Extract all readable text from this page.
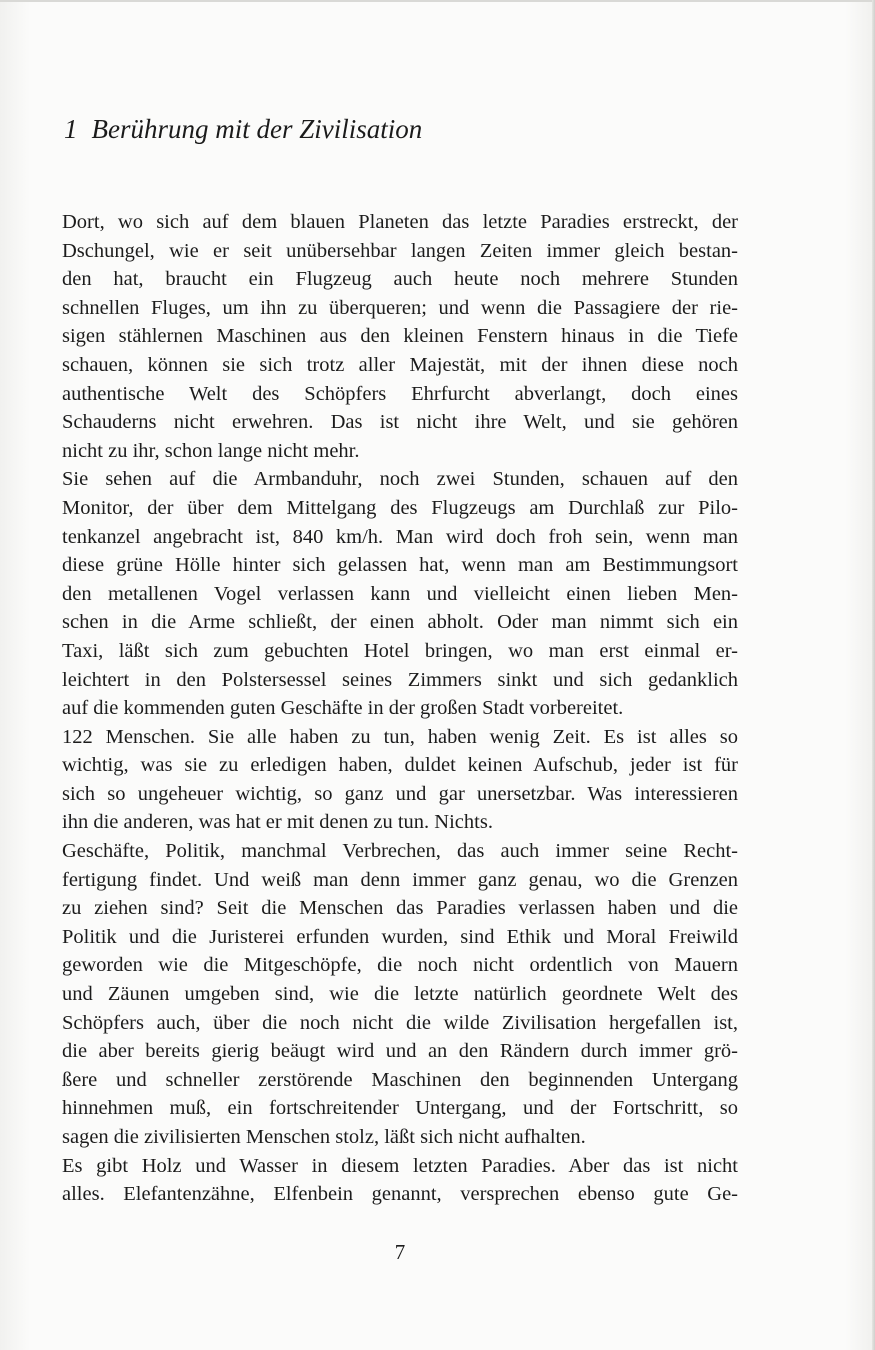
1 Berührung mit der Zivilisation
Dort, wo sich auf dem blauen Planeten das letzte Paradies erstreckt, der
Dschungel, wie er seit unübersehbar langen Zeiten immer gleich bestan-
den hat, braucht ein Flugzeug auch heute noch mehrere Stunden
schnellen Fluges, um ihn zu überqueren; und wenn die Passagiere der rie-
sigen stählernen Maschinen aus den kleinen Fenstern hinaus in die Tiefe
schauen, können sie sich trotz aller Majestät, mit der ihnen diese noch
authentische Welt des Schöpfers Ehrfurcht abverlangt, doch eines
Schauderns nicht erwehren. Das ist nicht ihre Welt, und sie gehören
nicht zu ihr, schon lange nicht mehr.
Sie sehen auf die Armbanduhr, noch zwei Stunden, schauen auf den
Monitor, der über dem Mittelgang des Flugzeugs am Durchlaß zur Pilo-
tenkanzel angebracht ist, 840 km/h. Man wird doch froh sein, wenn man
diese grüne Hölle hinter sich gelassen hat, wenn man am Bestimmungsort
den metallenen Vogel verlassen kann und vielleicht einen lieben Men-
schen in die Arme schließt, der einen abholt. Oder man nimmt sich ein
Taxi, läßt sich zum gebuchten Hotel bringen, wo man erst einmal er-
leichtert in den Polstersessel seines Zimmers sinkt und sich gedanklich
auf die kommenden guten Geschäfte in der großen Stadt vorbereitet.
122 Menschen. Sie alle haben zu tun, haben wenig Zeit. Es ist alles so
wichtig, was sie zu erledigen haben, duldet keinen Aufschub, jeder ist für
sich so ungeheuer wichtig, so ganz und gar unersetzbar. Was interessieren
ihn die anderen, was hat er mit denen zu tun. Nichts.
Geschäfte, Politik, manchmal Verbrechen, das auch immer seine Recht-
fertigung findet. Und weiß man denn immer ganz genau, wo die Grenzen
zu ziehen sind? Seit die Menschen das Paradies verlassen haben und die
Politik und die Juristerei erfunden wurden, sind Ethik und Moral Freiwild
geworden wie die Mitgeschöpfe, die noch nicht ordentlich von Mauern
und Zäunen umgeben sind, wie die letzte natürlich geordnete Welt des
Schöpfers auch, über die noch nicht die wilde Zivilisation hergefallen ist,
die aber bereits gierig beäugt wird und an den Rändern durch immer grö-
ßere und schneller zerstörende Maschinen den beginnenden Untergang
hinnehmen muß, ein fortschreitender Untergang, und der Fortschritt, so
sagen die zivilisierten Menschen stolz, läßt sich nicht aufhalten.
Es gibt Holz und Wasser in diesem letzten Paradies. Aber das ist nicht
alles. Elefantenzähne, Elfenbein genannt, versprechen ebenso gute Ge-
7
